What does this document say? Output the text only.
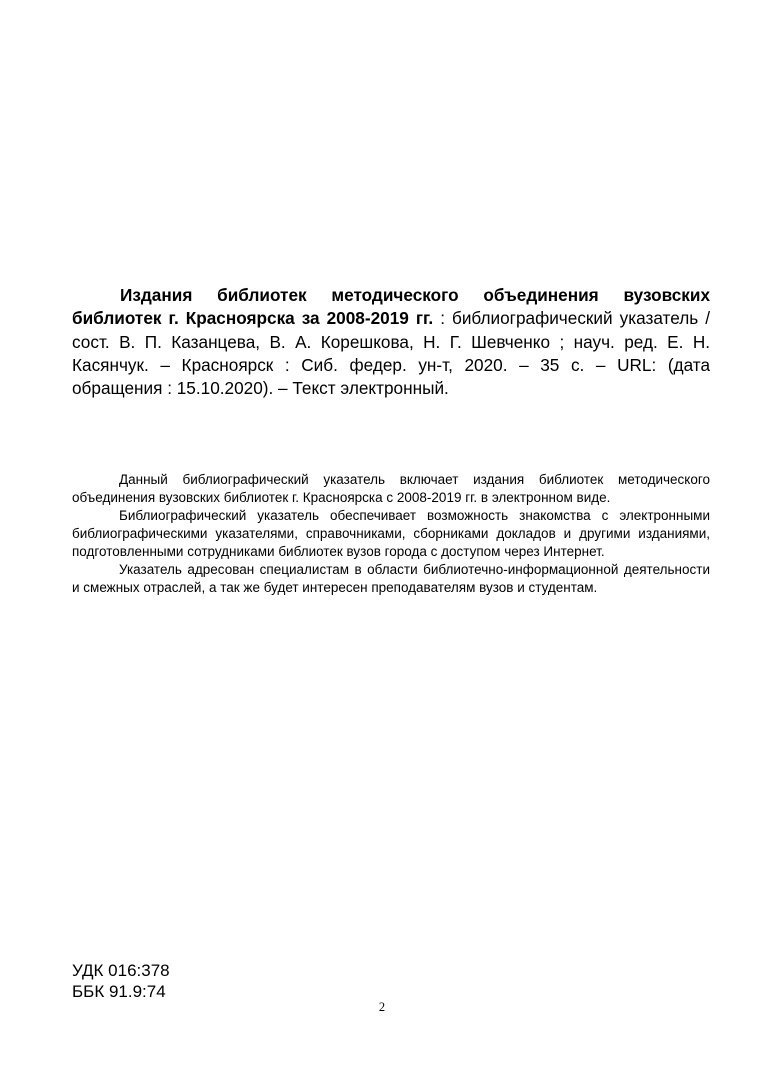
Издания библиотек методического объединения вузовских библиотек г. Красноярска за 2008-2019 гг. : библиографический указатель / сост. В. П. Казанцева, В. А. Корешкова, Н. Г. Шевченко ; науч. ред. Е. Н. Касянчук. – Красноярск : Сиб. федер. ун-т, 2020. – 35 с. – URL: (дата обращения : 15.10.2020). – Текст электронный.

Данный библиографический указатель включает издания библиотек методического объединения вузовских библиотек г. Красноярска с 2008-2019 гг. в электронном виде.

Библиографический указатель обеспечивает возможность знакомства с электронными библиографическими указателями, справочниками, сборниками докладов и другими изданиями, подготовленными сотрудниками библиотек вузов города с доступом через Интернет.

Указатель адресован специалистам в области библиотечно-информационной деятельности и смежных отраслей, а так же будет интересен преподавателям вузов и студентам.

УДК 016:378
ББК 91.9:74
2
